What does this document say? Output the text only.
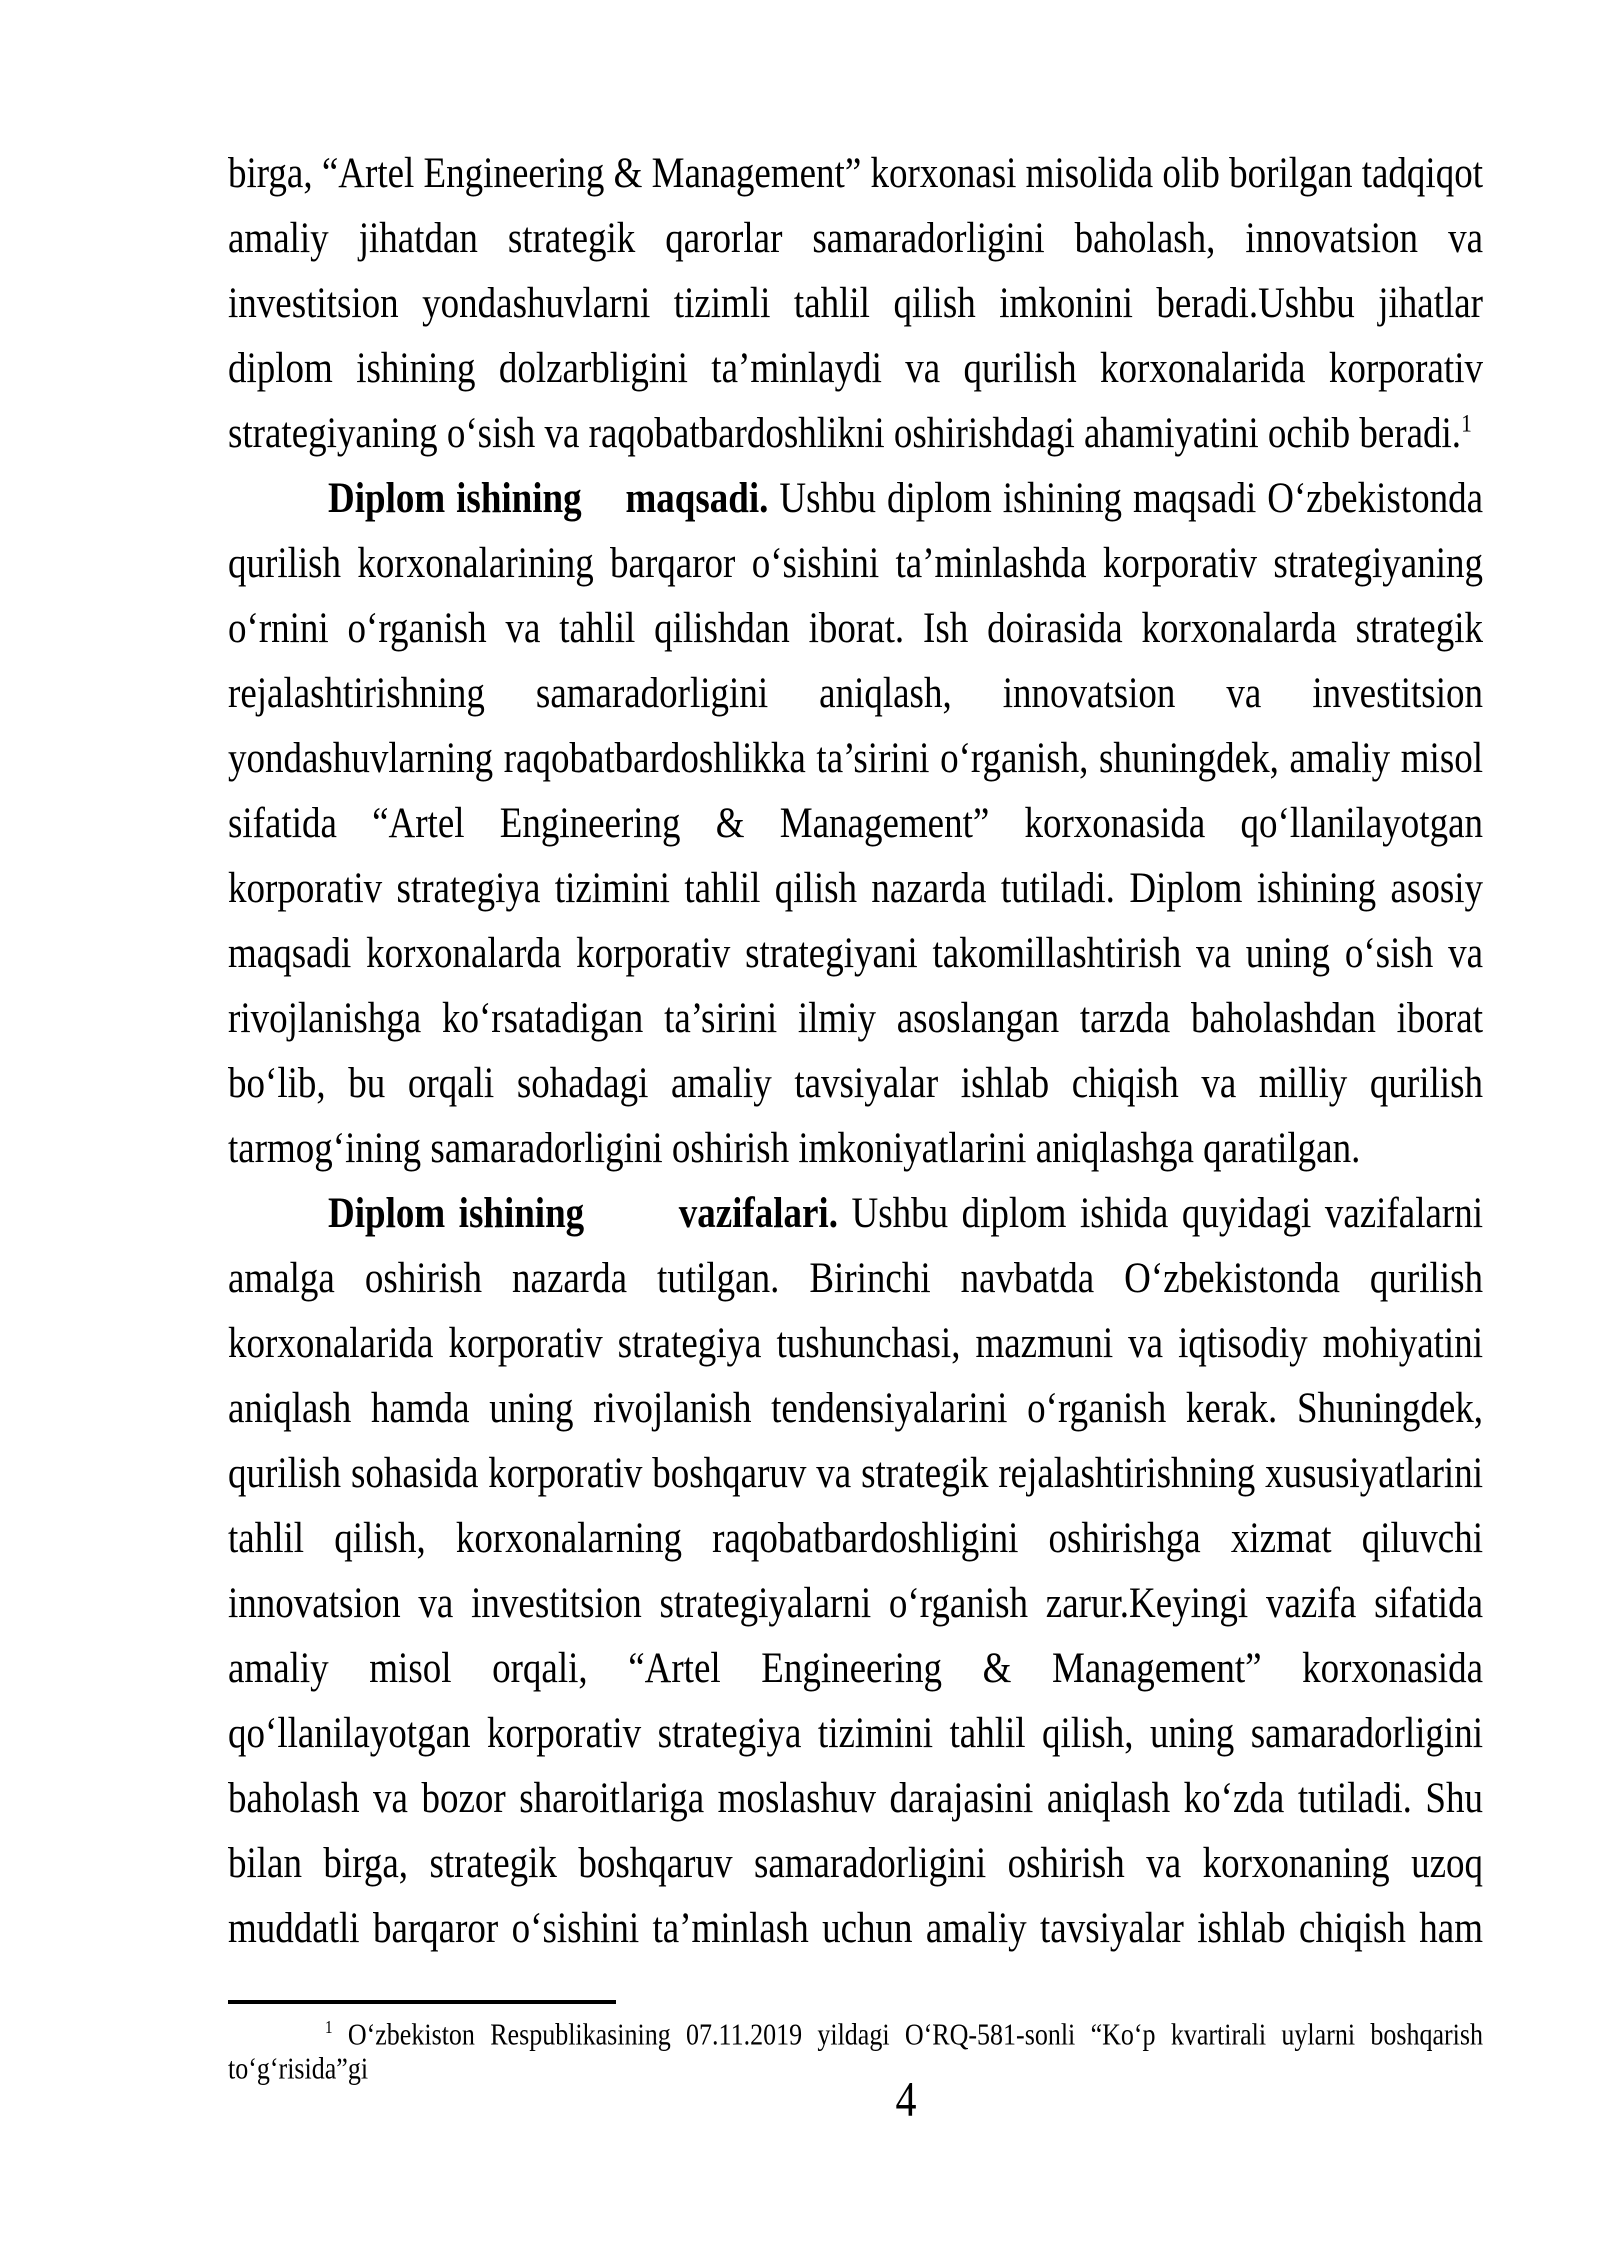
birga, “Artel Engineering & Management” korxonasi misolida olib borilgan tadqiqot
amaliy jihatdan strategik qarorlar samaradorligini baholash, innovatsion va
investitsion yondashuvlarni tizimli tahlil qilish imkonini beradi.Ushbu jihatlar
diplom ishining dolzarbligini ta’minlaydi va qurilish korxonalarida korporativ
strategiyaning o‘sish va raqobatbardoshlikni oshirishdagi ahamiyatini ochib beradi.$^1$
Diplom ishining    maqsadi. Ushbu diplom ishining maqsadi O‘zbekistonda
qurilish korxonalarining barqaror o‘sishini ta’minlashda korporativ strategiyaning
o‘rnini o‘rganish va tahlil qilishdan iborat. Ish doirasida korxonalarda strategik
rejalashtirishning samaradorligini aniqlash, innovatsion va investitsion
yondashuvlarning raqobatbardoshlikka ta’sirini o‘rganish, shuningdek, amaliy misol
sifatida “Artel Engineering & Management” korxonasida qo‘llanilayotgan
korporativ strategiya tizimini tahlil qilish nazarda tutiladi. Diplom ishining asosiy
maqsadi korxonalarda korporativ strategiyani takomillashtirish va uning o‘sish va
rivojlanishga ko‘rsatadigan ta’sirini ilmiy asoslangan tarzda baholashdan iborat
bo‘lib, bu orqali sohadagi amaliy tavsiyalar ishlab chiqish va milliy qurilish
tarmog‘ining samaradorligini oshirish imkoniyatlarini aniqlashga qaratilgan.
Diplom ishining       vazifalari. Ushbu diplom ishida quyidagi vazifalarni
amalga oshirish nazarda tutilgan. Birinchi navbatda O‘zbekistonda qurilish
korxonalarida korporativ strategiya tushunchasi, mazmuni va iqtisodiy mohiyatini
aniqlash hamda uning rivojlanish tendensiyalarini o‘rganish kerak. Shuningdek,
qurilish sohasida korporativ boshqaruv va strategik rejalashtirishning xususiyatlarini
tahlil qilish, korxonalarning raqobatbardoshligini oshirishga xizmat qiluvchi
innovatsion va investitsion strategiyalarni o‘rganish zarur.Keyingi vazifa sifatida
amaliy misol orqali, “Artel Engineering & Management” korxonasida
qo‘llanilayotgan korporativ strategiya tizimini tahlil qilish, uning samaradorligini
baholash va bozor sharoitlariga moslashuv darajasini aniqlash ko‘zda tutiladi. Shu
bilan birga, strategik boshqaruv samaradorligini oshirish va korxonaning uzoq
muddatli barqaror o‘sishini ta’minlash uchun amaliy tavsiyalar ishlab chiqish ham
$^1$ O‘zbekiston Respublikasining 07.11.2019 yildagi O‘RQ-581-sonli “Ko‘p kvartirali uylarni boshqarish
to‘g‘risida”gi
4
